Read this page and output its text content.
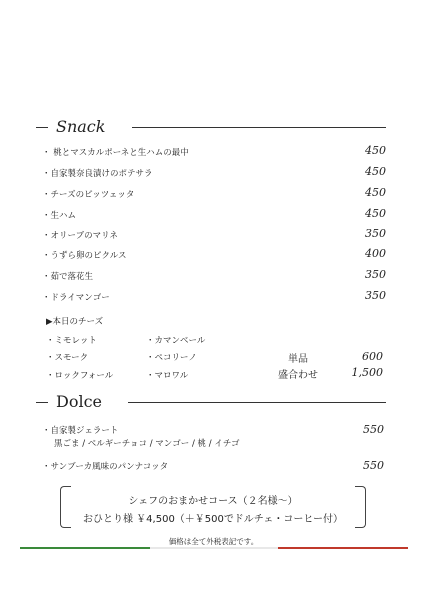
Snack
・ 桃とマスカルポーネと生ハムの最中	450
・自家製奈良漬けのポテサラ	450
・チーズのピッツェッタ	450
・生ハム	450
・オリーブのマリネ	350
・うずら卵のピクルス	400
・茹で落花生	350
・ドライマンゴー	350
▶本日のチーズ
・ミモレット	・カマンベール
・スモーク	・ペコリーノ
・ロックフォール	・マロワル
単品	600
盛合わせ	1,500
Dolce
・自家製ジェラート	550
黒ごま / ベルギーチョコ / マンゴー / 桃 / イチゴ
・サンブーカ風味のパンナコッタ	550
シェフのおまかせコース（２名様〜）
おひとり様 ￥4,500（＋￥500でドルチェ・コーヒー付）
価格は全て外税表記です。
